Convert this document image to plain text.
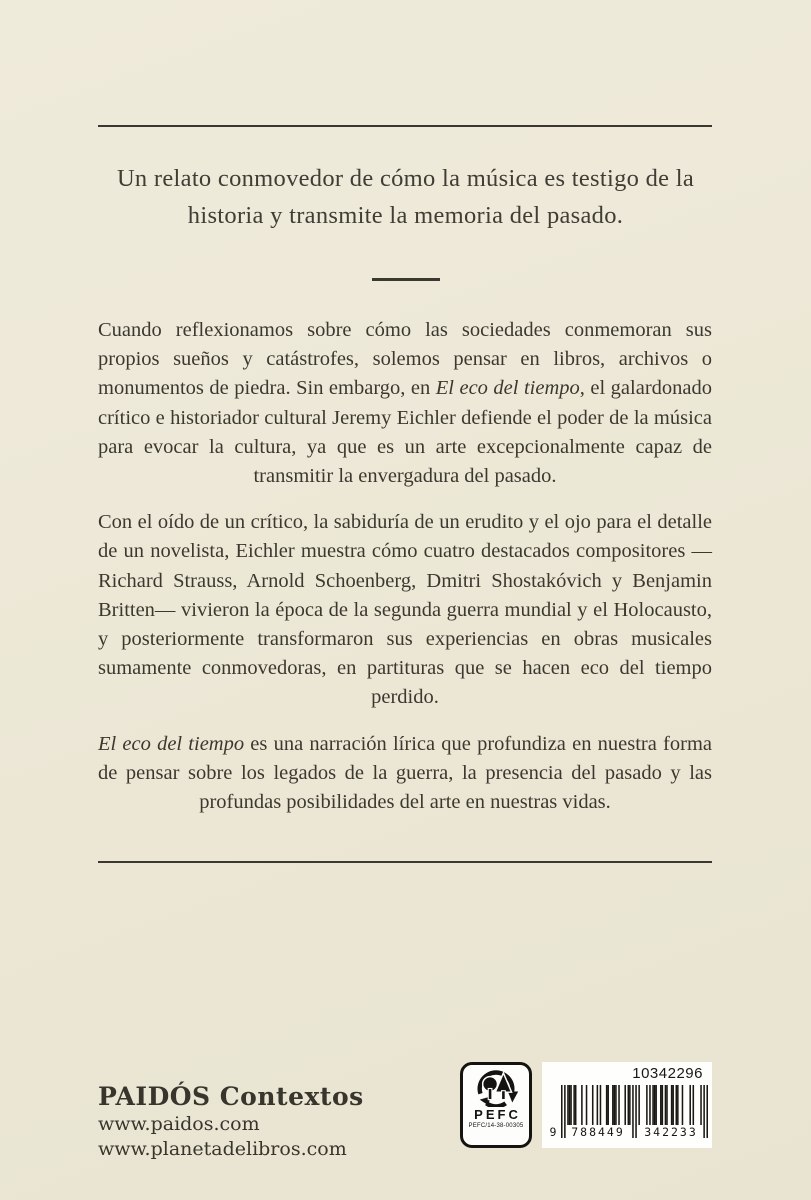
Un relato conmovedor de cómo la música es testigo de la
historia y transmite la memoria del pasado.

Cuando reflexionamos sobre cómo las sociedades conmemoran sus propios sueños y catástrofes, solemos pensar en libros, archivos o monumentos de piedra. Sin embargo, en El eco del tiempo, el galardonado crítico e historiador cultural Jeremy Eichler defiende el poder de la música para evocar la cultura, ya que es un arte excepcionalmente capaz de transmitir la envergadura del pasado.

Con el oído de un crítico, la sabiduría de un erudito y el ojo para el detalle de un novelista, Eichler muestra cómo cuatro destacados compositores —Richard Strauss, Arnold Schoenberg, Dmitri Shostakóvich y Benjamin Britten— vivieron la época de la segunda guerra mundial y el Holocausto, y posteriormente transformaron sus experiencias en obras musicales sumamente conmovedoras, en partituras que se hacen eco del tiempo perdido.

El eco del tiempo es una narración lírica que profundiza en nuestra forma de pensar sobre los legados de la guerra, la presencia del pasado y las profundas posibilidades del arte en nuestras vidas.

PAIDÓS Contextos
www.paidos.com
www.planetadelibros.com
PEFC
PEFC/14-38-00305
10342296
9	788449	342233
